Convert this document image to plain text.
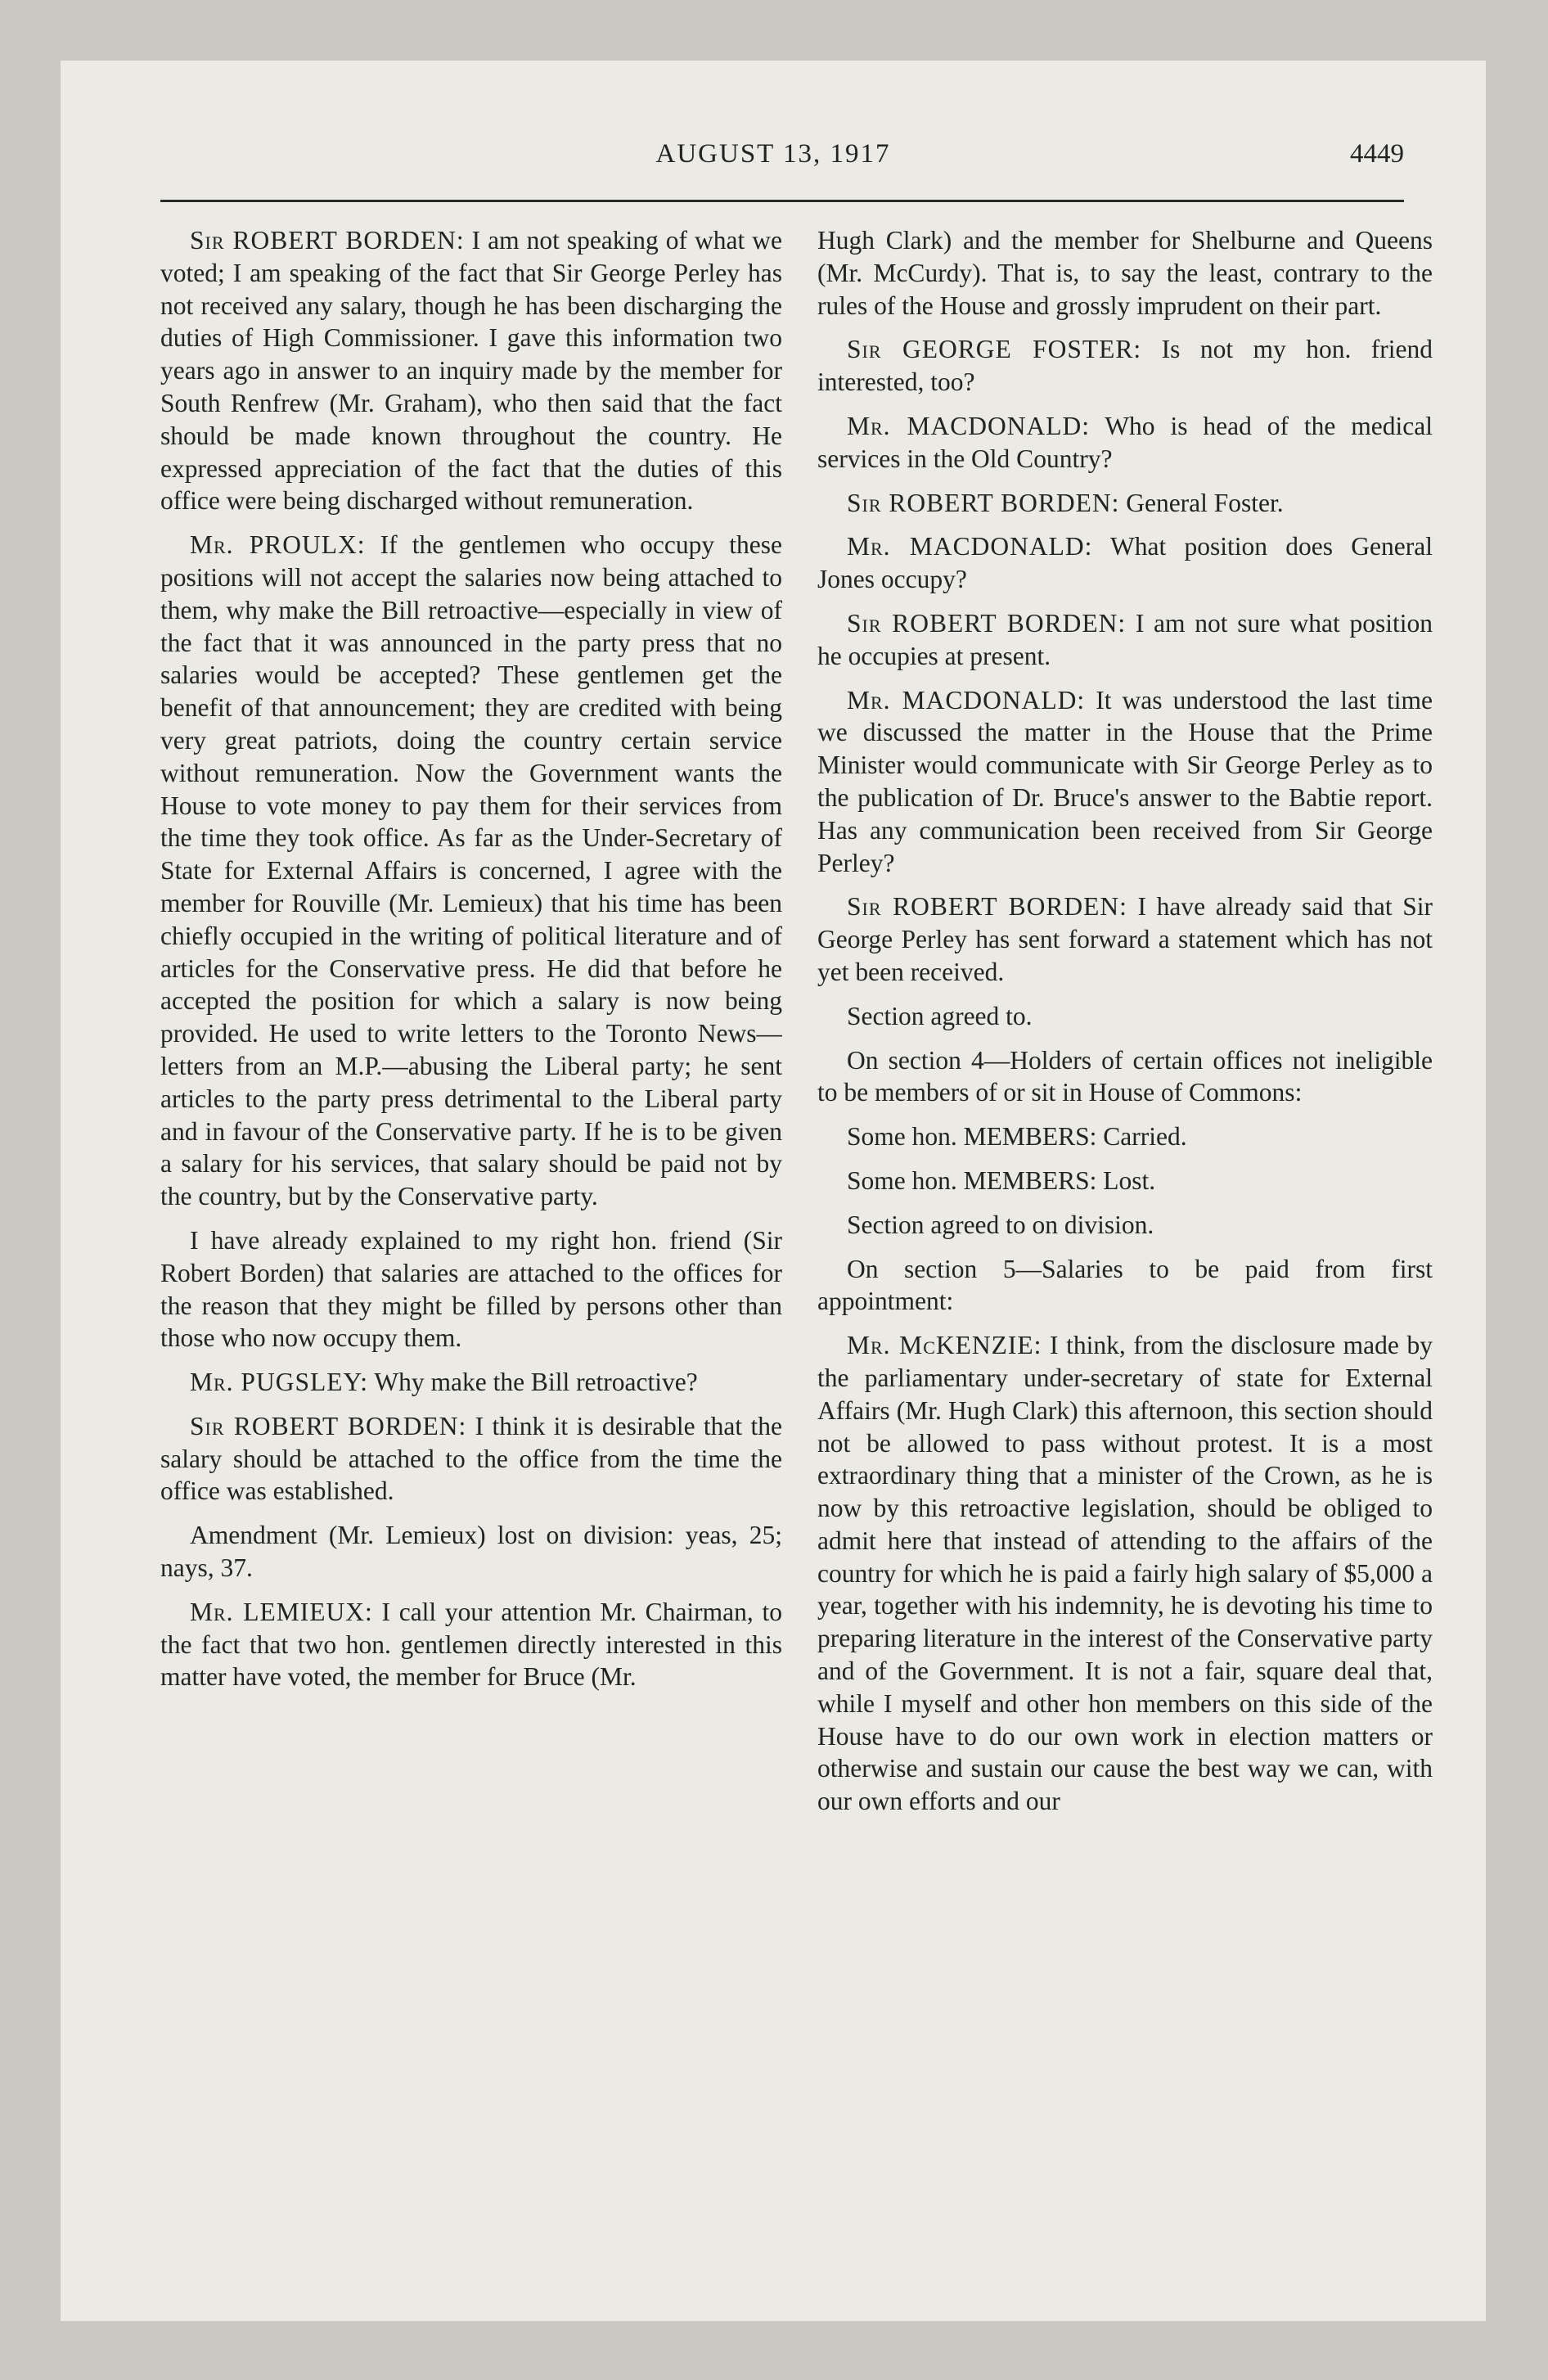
AUGUST 13, 1917	4449

Sir ROBERT BORDEN: I am not speaking of what we voted; I am speaking of the fact that Sir George Perley has not received any salary, though he has been discharging the duties of High Commissioner. I gave this information two years ago in answer to an inquiry made by the member for South Renfrew (Mr. Graham), who then said that the fact should be made known throughout the country. He expressed appreciation of the fact that the duties of this office were being discharged without remuneration.

Mr. PROULX: If the gentlemen who occupy these positions will not accept the salaries now being attached to them, why make the Bill retroactive—especially in view of the fact that it was announced in the party press that no salaries would be accepted? These gentlemen get the benefit of that announcement; they are credited with being very great patriots, doing the country certain service without remuneration. Now the Government wants the House to vote money to pay them for their services from the time they took office. As far as the Under-Secretary of State for External Affairs is concerned, I agree with the member for Rouville (Mr. Lemieux) that his time has been chiefly occupied in the writing of political literature and of articles for the Conservative press. He did that before he accepted the position for which a salary is now being provided. He used to write letters to the Toronto News— letters from an M.P.—abusing the Liberal party; he sent articles to the party press detrimental to the Liberal party and in favour of the Conservative party. If he is to be given a salary for his services, that salary should be paid not by the country, but by the Conservative party.

I have already explained to my right hon. friend (Sir Robert Borden) that salaries are attached to the offices for the reason that they might be filled by persons other than those who now occupy them.

Mr. PUGSLEY: Why make the Bill retroactive?

Sir ROBERT BORDEN: I think it is desirable that the salary should be attached to the office from the time the office was established.

Amendment (Mr. Lemieux) lost on division: yeas, 25; nays, 37.

Mr. LEMIEUX: I call your attention Mr. Chairman, to the fact that two hon. gentlemen directly interested in this matter have voted, the member for Bruce (Mr.

Hugh Clark) and the member for Shelburne and Queens (Mr. McCurdy). That is, to say the least, contrary to the rules of the House and grossly imprudent on their part.

Sir GEORGE FOSTER: Is not my hon. friend interested, too?

Mr. MACDONALD: Who is head of the medical services in the Old Country?

Sir ROBERT BORDEN: General Foster.

Mr. MACDONALD: What position does General Jones occupy?

Sir ROBERT BORDEN: I am not sure what position he occupies at present.

Mr. MACDONALD: It was understood the last time we discussed the matter in the House that the Prime Minister would communicate with Sir George Perley as to the publication of Dr. Bruce's answer to the Babtie report. Has any communication been received from Sir George Perley?

Sir ROBERT BORDEN: I have already said that Sir George Perley has sent forward a statement which has not yet been received.

Section agreed to.

On section 4—Holders of certain offices not ineligible to be members of or sit in House of Commons:

Some hon. MEMBERS: Carried.

Some hon. MEMBERS: Lost.

Section agreed to on division.

On section 5—Salaries to be paid from first appointment:

Mr. McKENZIE: I think, from the disclosure made by the parliamentary under-secretary of state for External Affairs (Mr. Hugh Clark) this afternoon, this section should not be allowed to pass without protest. It is a most extraordinary thing that a minister of the Crown, as he is now by this retroactive legislation, should be obliged to admit here that instead of attending to the affairs of the country for which he is paid a fairly high salary of $5,000 a year, together with his indemnity, he is devoting his time to preparing literature in the interest of the Conservative party and of the Government. It is not a fair, square deal that, while I myself and other hon members on this side of the House have to do our own work in election matters or otherwise and sustain our cause the best way we can, with our own efforts and our
